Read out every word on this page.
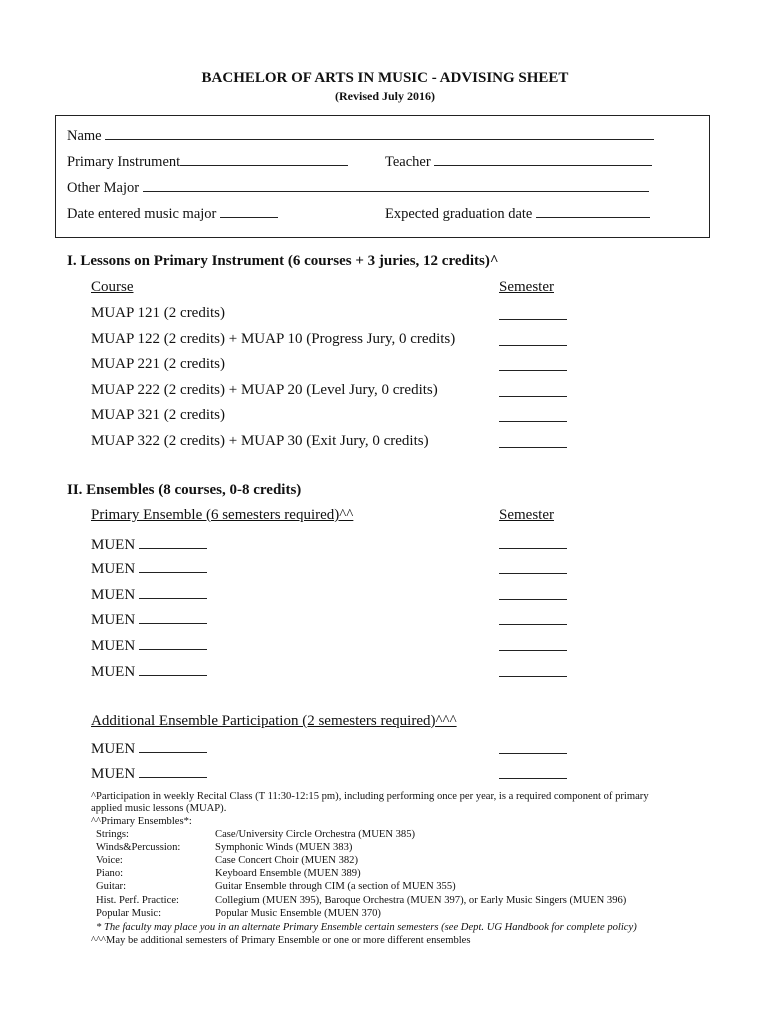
BACHELOR OF ARTS IN MUSIC - ADVISING SHEET
(Revised July 2016)
Name
Primary Instrument	Teacher
Other Major
Date entered music major	Expected graduation date
I. Lessons on Primary Instrument (6 courses + 3 juries, 12 credits)^
Course	Semester
MUAP 121 (2 credits)
MUAP 122 (2 credits) + MUAP 10 (Progress Jury, 0 credits)
MUAP 221 (2 credits)
MUAP 222 (2 credits) + MUAP 20 (Level Jury, 0 credits)
MUAP 321 (2 credits)
MUAP 322 (2 credits) + MUAP 30 (Exit Jury, 0 credits)
II. Ensembles (8 courses, 0-8 credits)
Primary Ensemble (6 semesters required)^^	Semester
MUEN
MUEN
MUEN
MUEN
MUEN
MUEN
Additional Ensemble Participation (2 semesters required)^^^
MUEN
MUEN
^Participation in weekly Recital Class (T 11:30-12:15 pm), including performing once per year, is a required component of primary
applied music lessons (MUAP).
^^Primary Ensembles*:
Strings:	Case/University Circle Orchestra (MUEN 385)
Winds&Percussion:	Symphonic Winds (MUEN 383)
Voice:	Case Concert Choir (MUEN 382)
Piano:	Keyboard Ensemble (MUEN 389)
Guitar:	Guitar Ensemble through CIM (a section of MUEN 355)
Hist. Perf. Practice:	Collegium (MUEN 395), Baroque Orchestra (MUEN 397), or Early Music Singers (MUEN 396)
Popular Music:	Popular Music Ensemble (MUEN 370)
* The faculty may place you in an alternate Primary Ensemble certain semesters (see Dept. UG Handbook for complete policy)
^^^May be additional semesters of Primary Ensemble or one or more different ensembles
